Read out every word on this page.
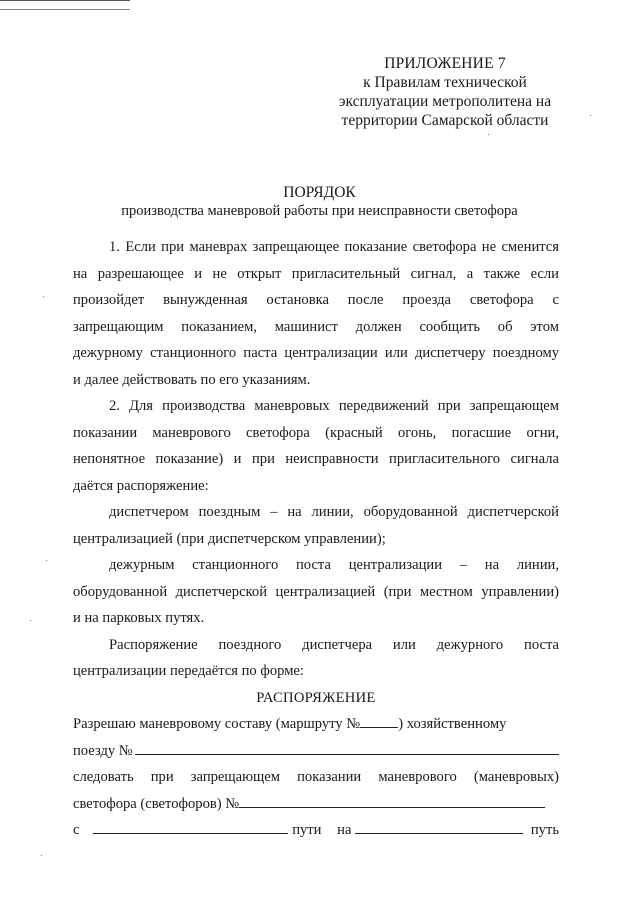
ПРИЛОЖЕНИЕ 7
к Правилам технической
эксплуатации метрополитена на
территории Самарской области
ПОРЯДОК
производства маневровой работы при неисправности светофора

1. Если при маневрах запрещающее показание светофора не сменится

на разрешающее и не открыт пригласительный сигнал, а также если

произойдет вынужденная остановка после проезда светофора с

запрещающим показанием, машинист должен сообщить об этом

дежурному станционного паста централизации или диспетчеру поездному

и далее действовать по его указаниям.

2. Для производства маневровых передвижений при запрещающем

показании маневрового светофора (красный огонь, погасшие огни,

непонятное показание) и при неисправности пригласительного сигнала

даётся распоряжение:

диспетчером поездным – на линии, оборудованной диспетчерской

централизацией (при диспетчерском управлении);

дежурным станционного поста централизации – на линии,

оборудованной диспетчерской централизацией (при местном управлении)

и на парковых путях.

Распоряжение поездного диспетчера или дежурного поста

централизации передаётся по форме:

РАСПОРЯЖЕНИЕ

Разрешаю маневровому составу (маршруту №	) хозяйственному
поезду №

следовать при запрещающем показании маневрового (маневровых)

светофора (светофоров) №
с	пути на	путь
